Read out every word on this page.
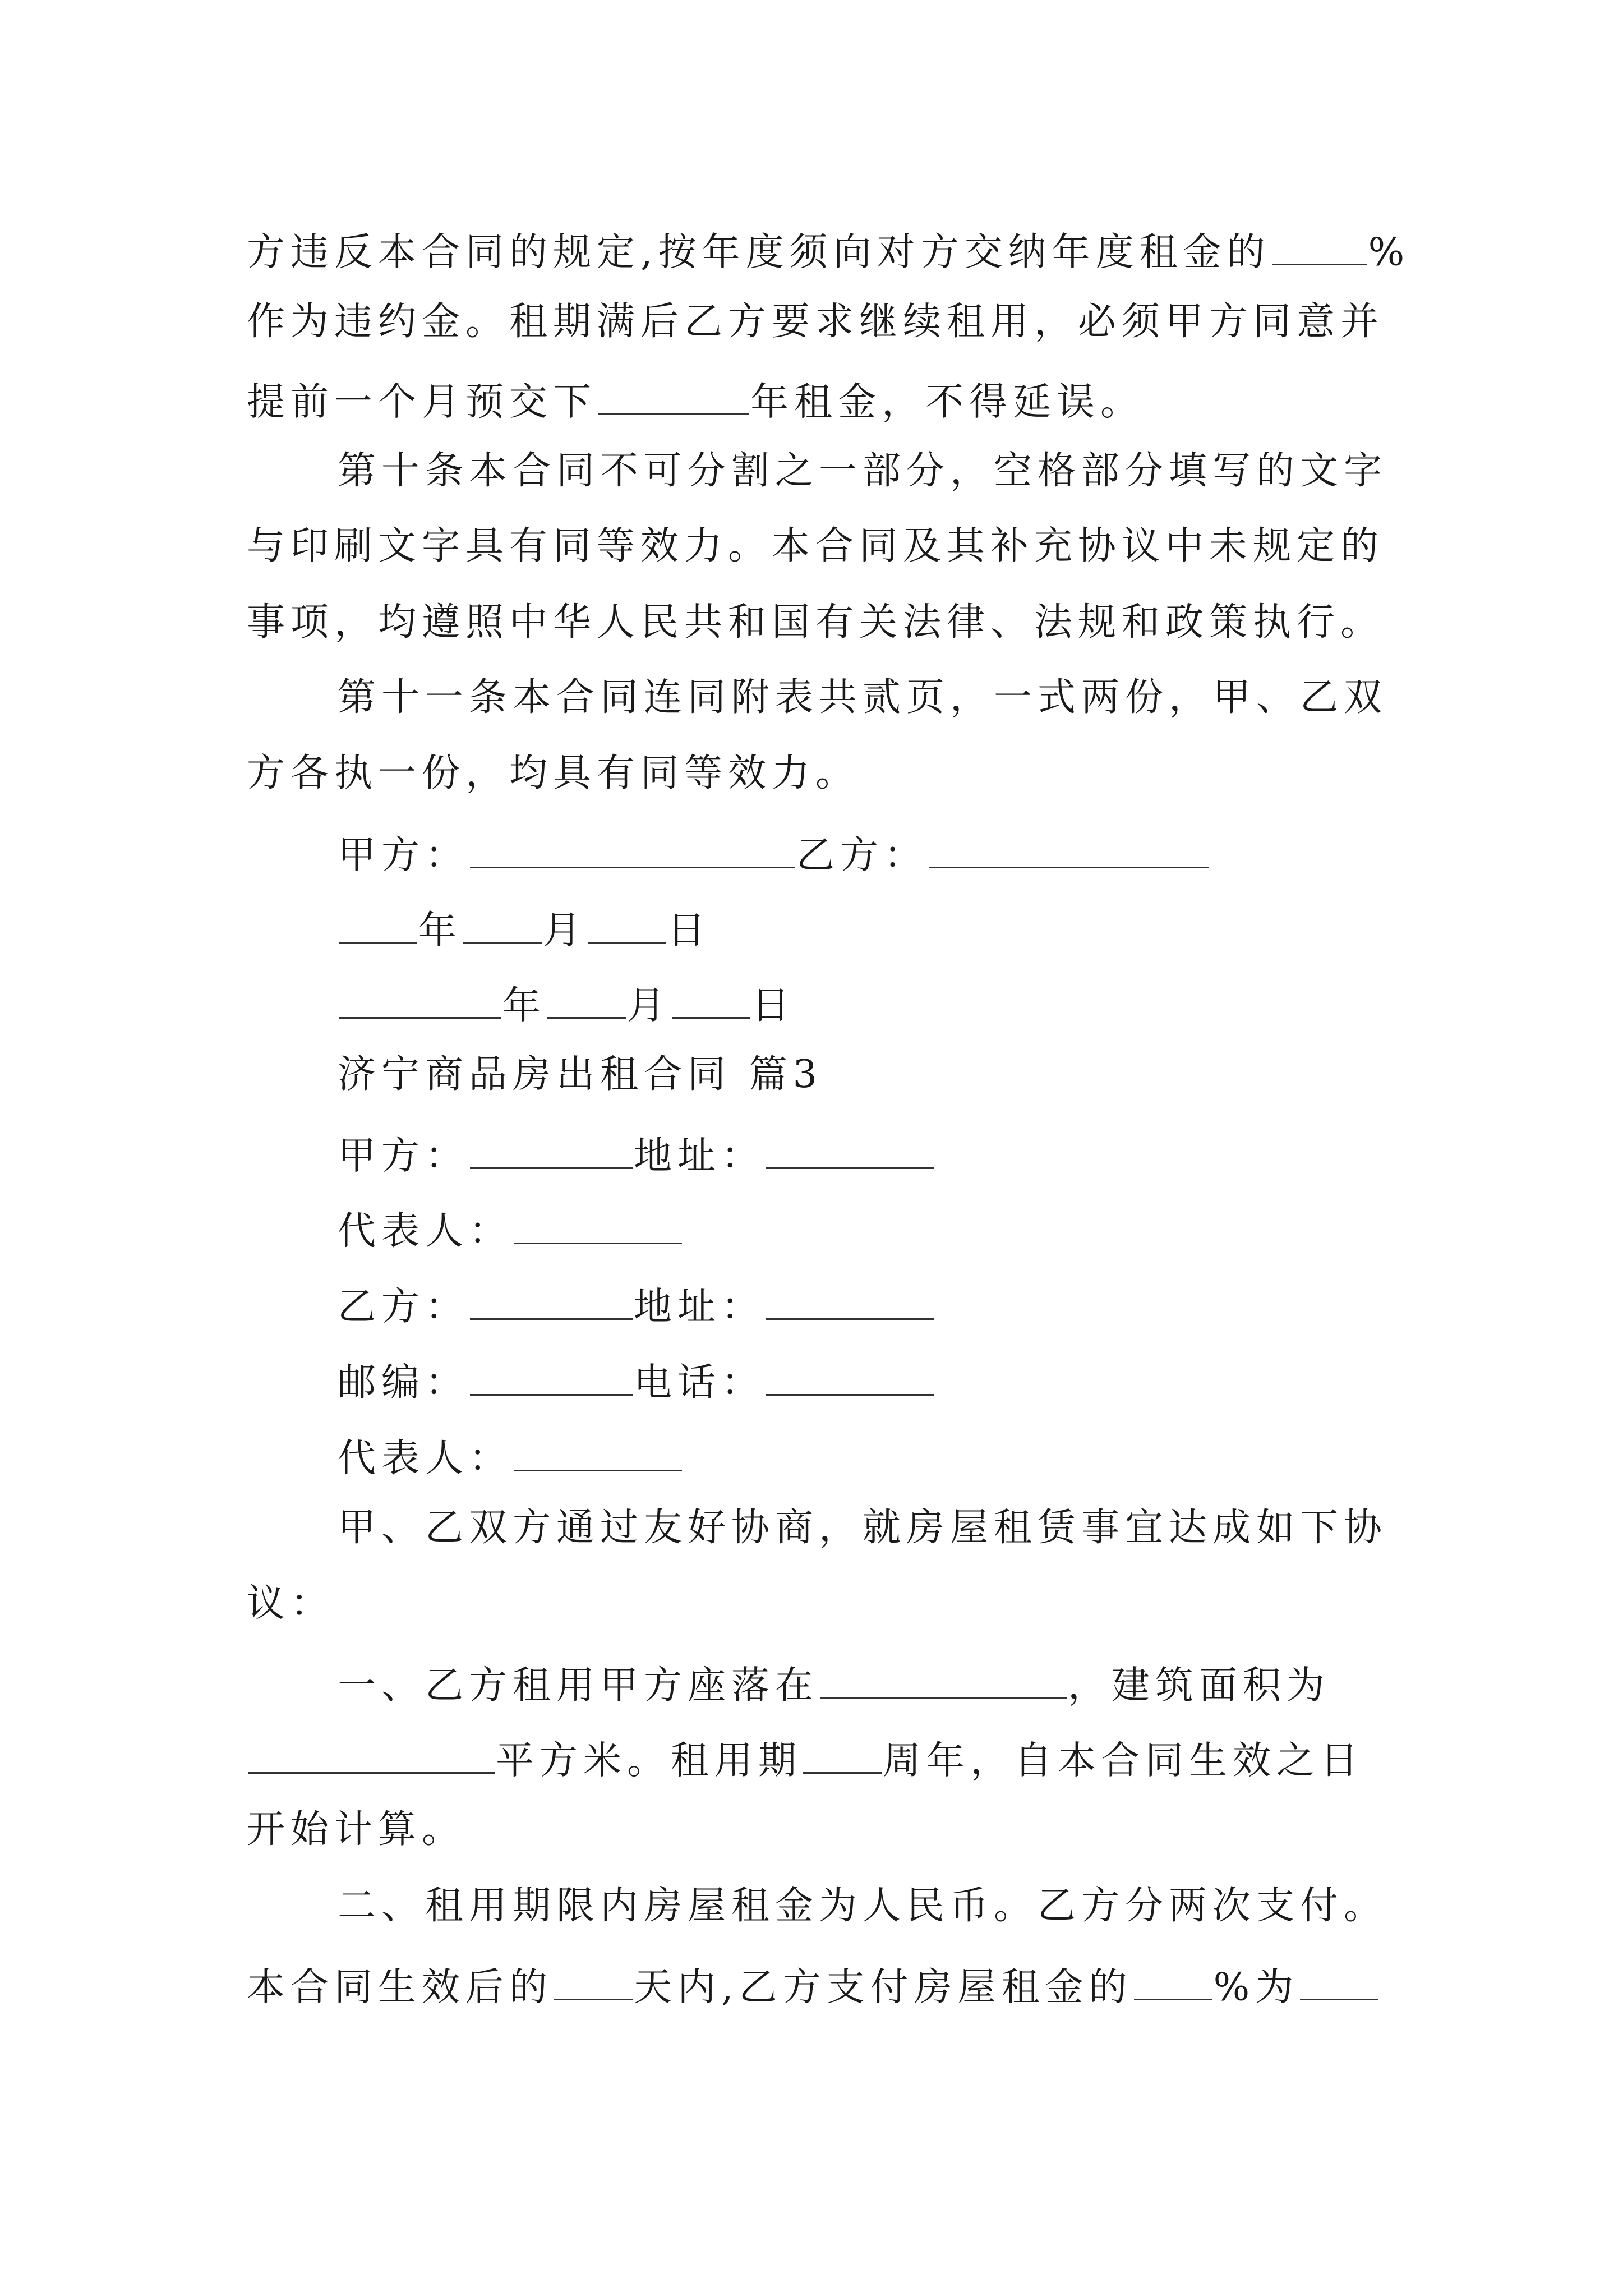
方违反本合同的规定,按年度须向对方交纳年度租金的	%
作为违约金。租期满后乙方要求继续租用，必须甲方同意并
提前一个月预交下	年租金，不得延误。
第十条本合同不可分割之一部分，空格部分填写的文字
与印刷文字具有同等效力。本合同及其补充协议中未规定的
事项，均遵照中华人民共和国有关法律、法规和政策执行。
第十一条本合同连同附表共贰页，一式两份，甲、乙双
方各执一份，均具有同等效力。
甲方：	乙方：
年 月 日
年 月 日
济宁商品房出租合同 篇3
甲方：	地址：
代表人：
乙方：	地址：
邮编：	电话：
代表人：
甲、乙双方通过友好协商，就房屋租赁事宜达成如下协
议：
一、乙方租用甲方座落在	，建筑面积为
平方米。租用期 周年，自本合同生效之日
开始计算。
二、租用期限内房屋租金为人民币。乙方分两次支付。
本合同生效后的 天内,乙方支付房屋租金的 %为
